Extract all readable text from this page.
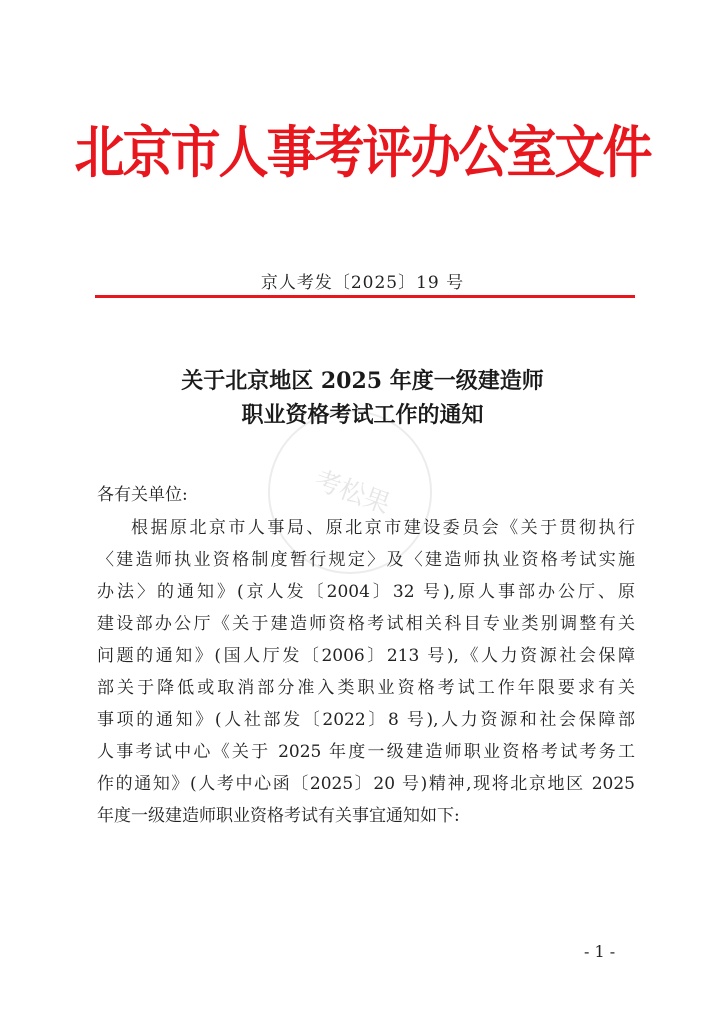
北京市人事考评办公室文件
京人考发〔2025〕19 号
考松果
关于北京地区 2025 年度一级建造师
职业资格考试工作的通知
各有关单位:
根据原北京市人事局、原北京市建设委员会《关于贯彻执行
〈建造师执业资格制度暂行规定〉及〈建造师执业资格考试实施
办法〉的通知》(京人发〔2004〕32 号),原人事部办公厅、原
建设部办公厅《关于建造师资格考试相关科目专业类别调整有关
问题的通知》(国人厅发〔2006〕213 号),《人力资源社会保障
部关于降低或取消部分准入类职业资格考试工作年限要求有关
事项的通知》(人社部发〔2022〕8 号),人力资源和社会保障部
人事考试中心《关于 2025 年度一级建造师职业资格考试考务工
作的通知》(人考中心函〔2025〕20 号)精神,现将北京地区 2025
年度一级建造师职业资格考试有关事宜通知如下:
- 1 -
